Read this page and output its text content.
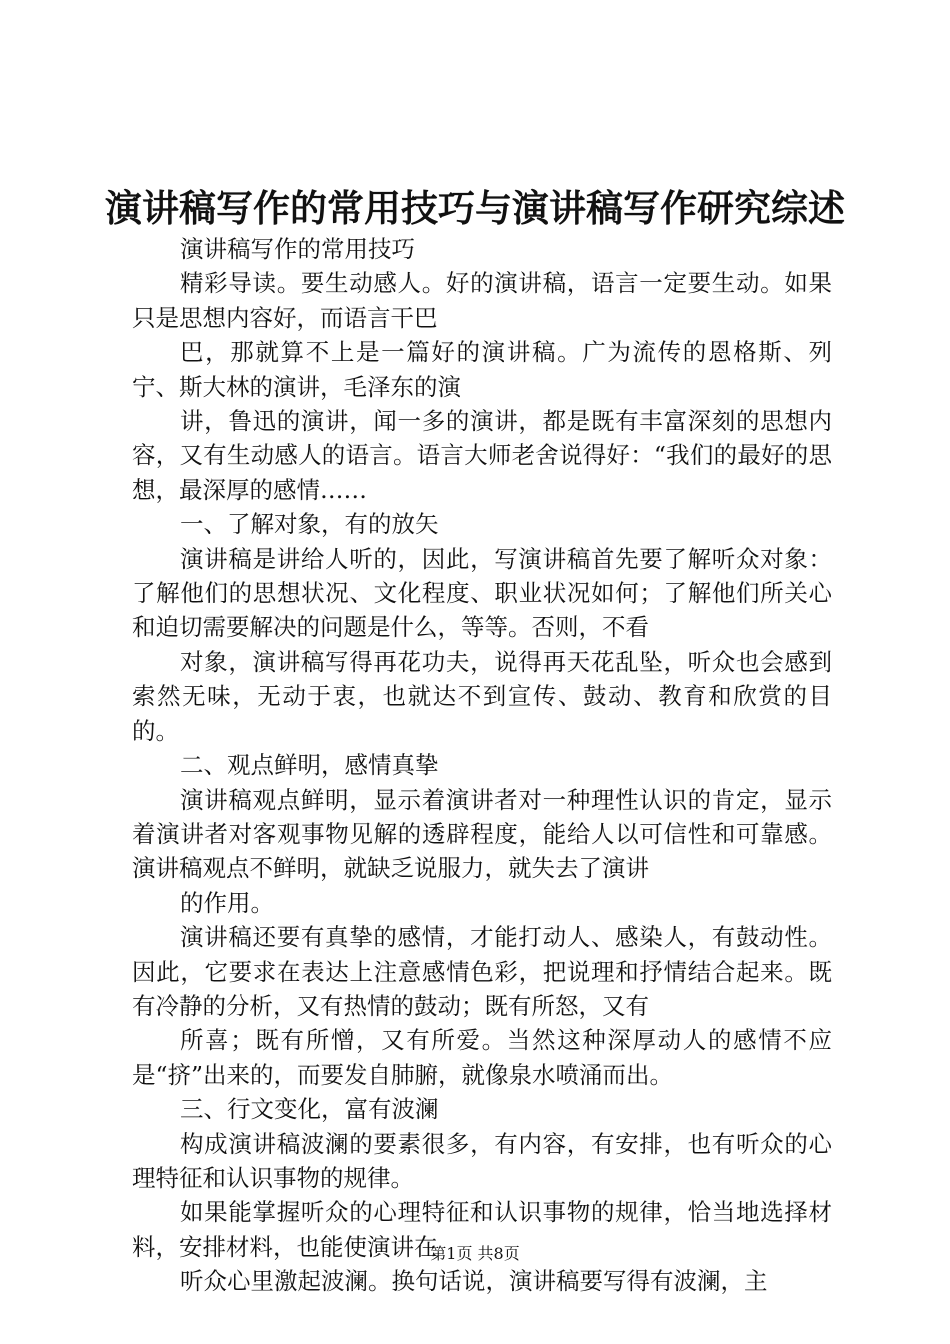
演讲稿写作的常用技巧与演讲稿写作研究综述

演讲稿写作的常用技巧

精彩导读。要生动感人。好的演讲稿，语言一定要生动。如果只是思想内容好，而语言干巴

巴，那就算不上是一篇好的演讲稿。广为流传的恩格斯、列宁、斯大林的演讲，毛泽东的演

讲，鲁迅的演讲，闻一多的演讲，都是既有丰富深刻的思想内容，又有生动感人的语言。语言大师老舍说得好：“我们的最好的思想，最深厚的感情……

一、了解对象，有的放矢

演讲稿是讲给人听的，因此，写演讲稿首先要了解听众对象：了解他们的思想状况、文化程度、职业状况如何；了解他们所关心和迫切需要解决的问题是什么，等等。否则，不看

对象，演讲稿写得再花功夫，说得再天花乱坠，听众也会感到索然无味，无动于衷，也就达不到宣传、鼓动、教育和欣赏的目的。

二、观点鲜明，感情真挚

演讲稿观点鲜明，显示着演讲者对一种理性认识的肯定，显示着演讲者对客观事物见解的透辟程度，能给人以可信性和可靠感。演讲稿观点不鲜明，就缺乏说服力，就失去了演讲

的作用。

演讲稿还要有真挚的感情，才能打动人、感染人，有鼓动性。因此，它要求在表达上注意感情色彩，把说理和抒情结合起来。既有冷静的分析，又有热情的鼓动；既有所怒，又有

所喜；既有所憎，又有所爱。当然这种深厚动人的感情不应是“挤”出来的，而要发自肺腑，就像泉水喷涌而出。

三、行文变化，富有波澜

构成演讲稿波澜的要素很多，有内容，有安排，也有听众的心理特征和认识事物的规律。

如果能掌握听众的心理特征和认识事物的规律，恰当地选择材料，安排材料，也能使演讲在

听众心里激起波澜。换句话说，演讲稿要写得有波澜，主

第1页 共8页
